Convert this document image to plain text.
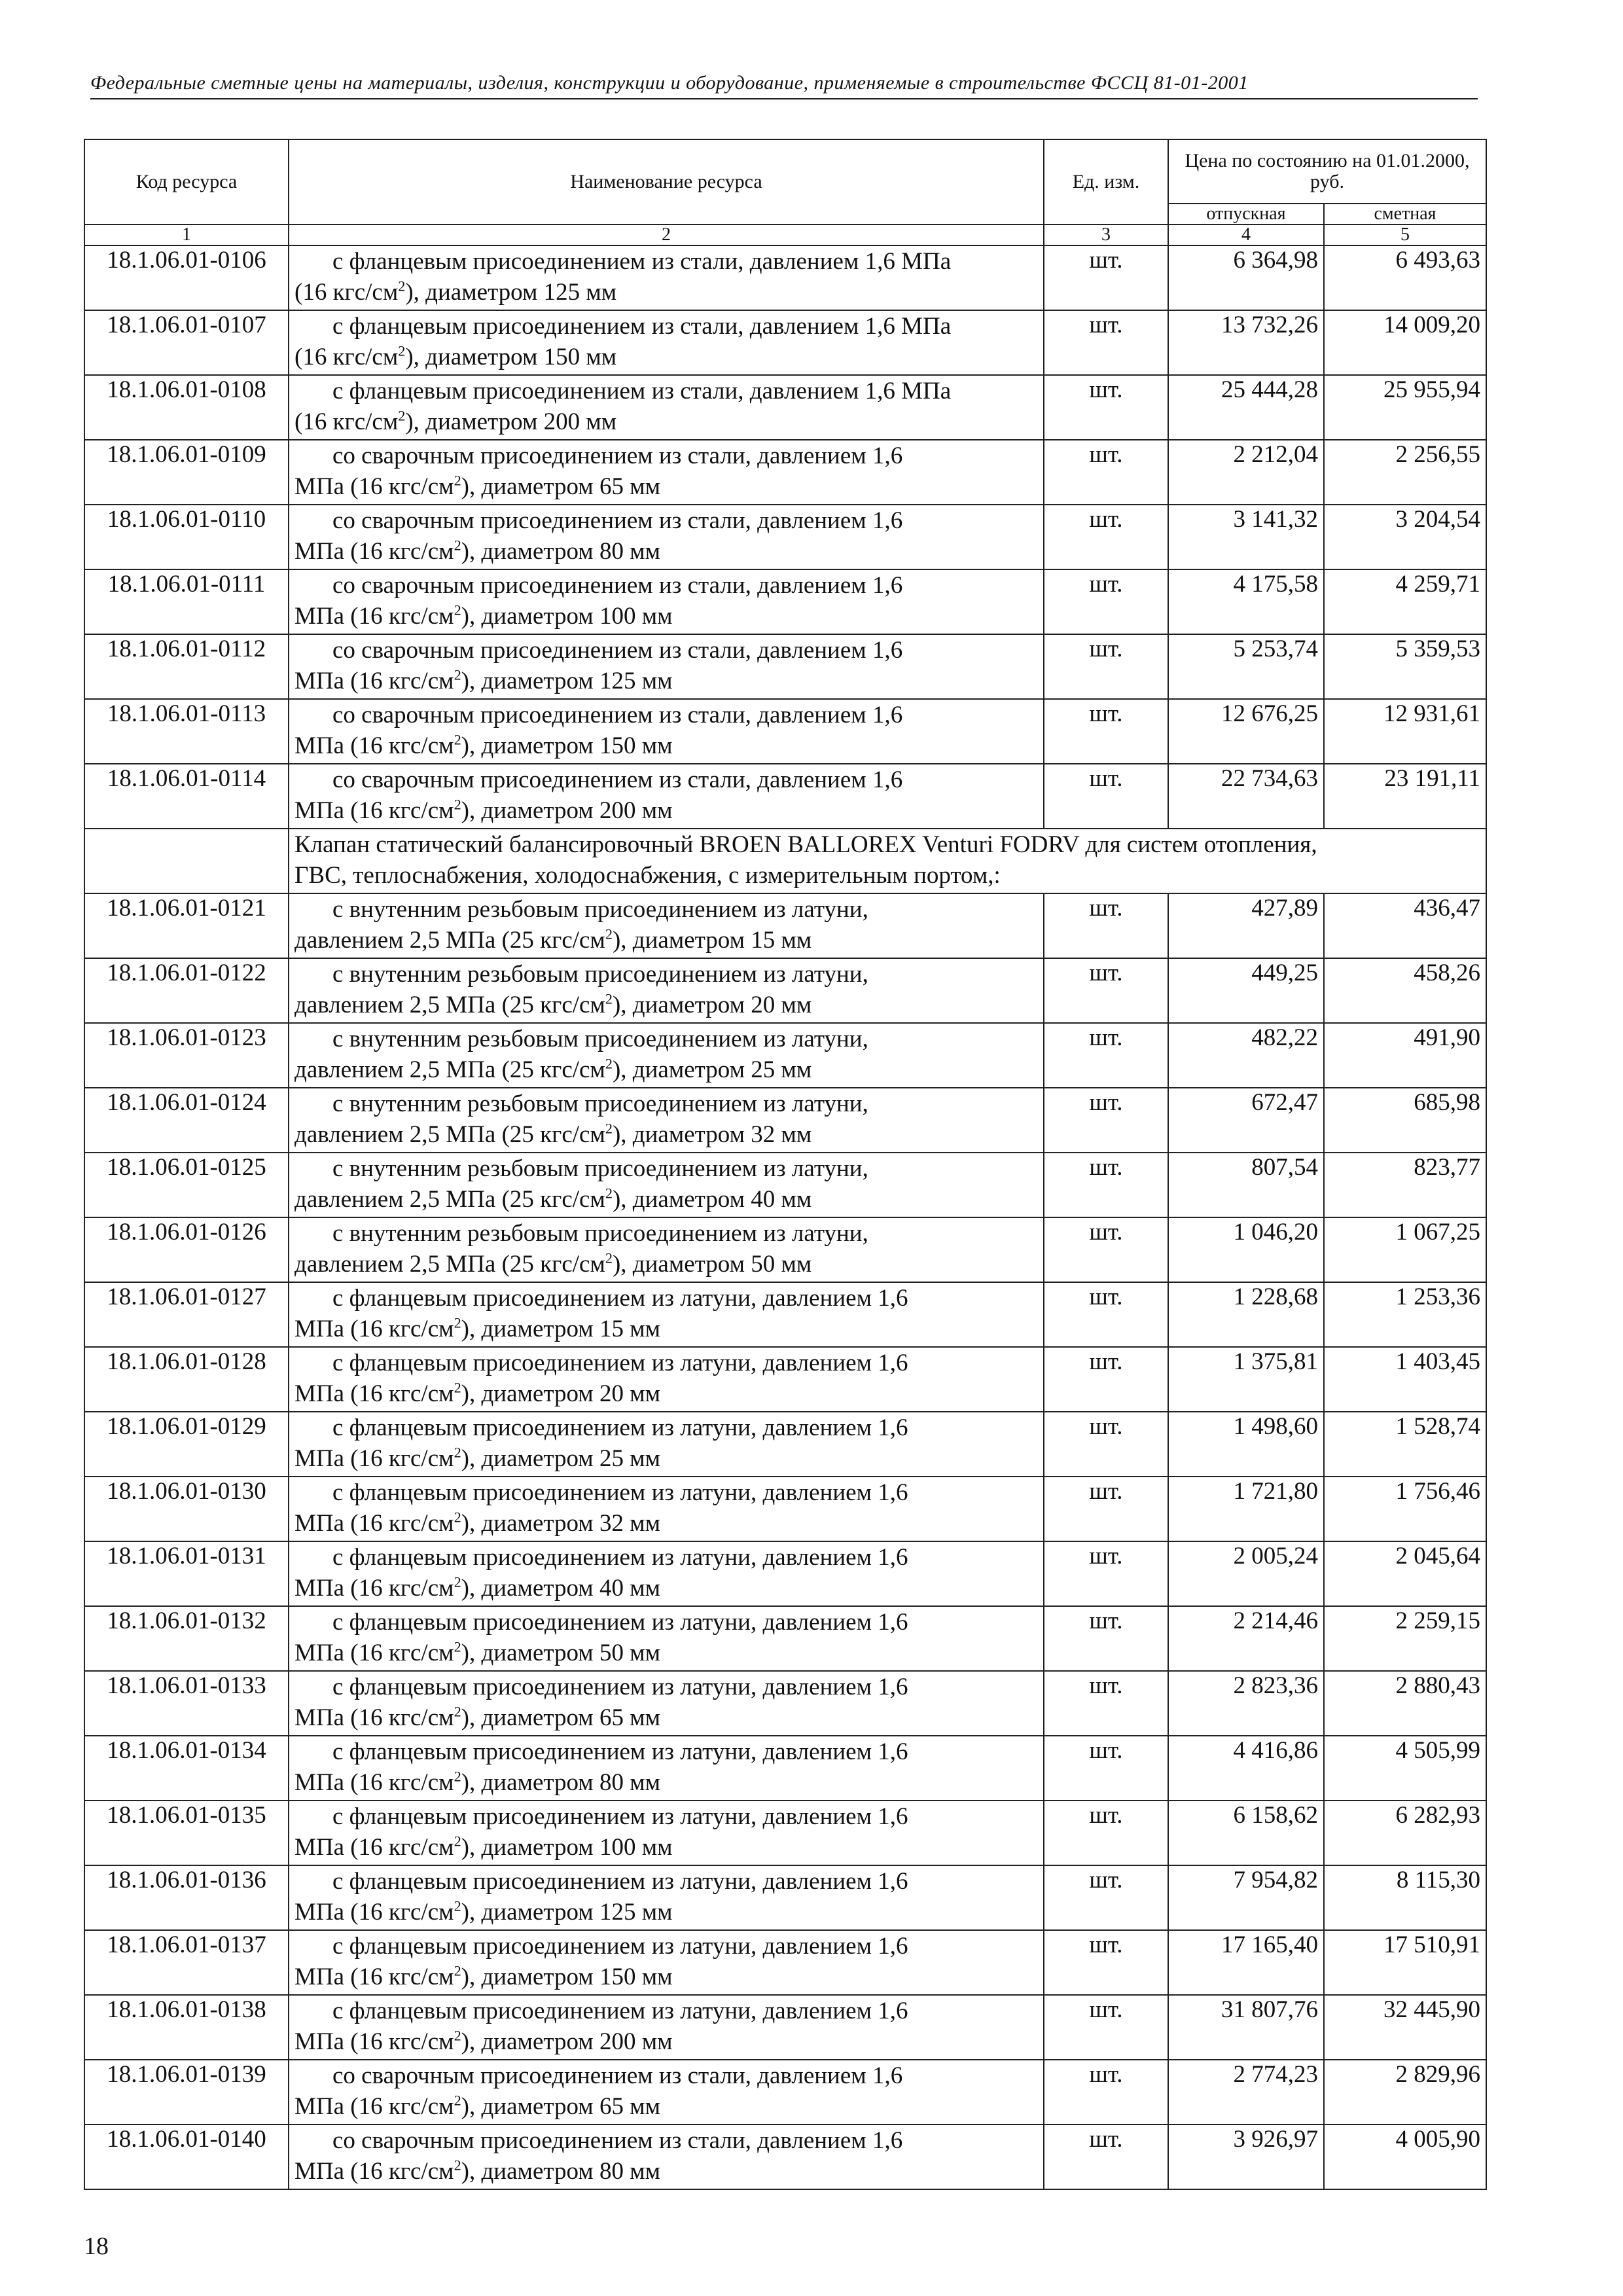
Федеральные сметные цены на материалы, изделия, конструкции и оборудование, применяемые в строительстве ФССЦ 81-01-2001
Код ресурса	Наименование ресурса	Ед. изм.	Цена по состоянию на 01.01.2000, руб.	
			отпускная	сметная
1	2	3	4	5
18.1.06.01-0106	с фланцевым присоединением из стали, давлением 1,6 МПа
(16 кгс/$см^2$), диаметром 125 мм	шт.	6 364,98	6 493,63
18.1.06.01-0107	с фланцевым присоединением из стали, давлением 1,6 МПа
(16 кгс/$см^2$), диаметром 150 мм	шт.	13 732,26	14 009,20
18.1.06.01-0108	с фланцевым присоединением из стали, давлением 1,6 МПа
(16 кгс/$см^2$), диаметром 200 мм	шт.	25 444,28	25 955,94
18.1.06.01-0109	со сварочным присоединением из стали, давлением 1,6
МПа (16 кгс/$см^2$), диаметром 65 мм	шт.	2 212,04	2 256,55
18.1.06.01-0110	со сварочным присоединением из стали, давлением 1,6
МПа (16 кгс/$см^2$), диаметром 80 мм	шт.	3 141,32	3 204,54
18.1.06.01-0111	со сварочным присоединением из стали, давлением 1,6
МПа (16 кгс/$см^2$), диаметром 100 мм	шт.	4 175,58	4 259,71
18.1.06.01-0112	со сварочным присоединением из стали, давлением 1,6
МПа (16 кгс/$см^2$), диаметром 125 мм	шт.	5 253,74	5 359,53
18.1.06.01-0113	со сварочным присоединением из стали, давлением 1,6
МПа (16 кгс/$см^2$), диаметром 150 мм	шт.	12 676,25	12 931,61
18.1.06.01-0114	со сварочным присоединением из стали, давлением 1,6
МПа (16 кгс/$см^2$), диаметром 200 мм	шт.	22 734,63	23 191,11

	Клапан статический балансировочный BROEN BALLOREX Venturi FODRV для систем отопления,
ГВС, теплоснабжения, холодоснабжения, с измерительным портом,:			

18.1.06.01-0121	с внутенним резьбовым присоединением из латуни,
давлением 2,5 МПа (25 кгс/$см^2$), диаметром 15 мм	шт.	427,89	436,47
18.1.06.01-0122	с внутенним резьбовым присоединением из латуни,
давлением 2,5 МПа (25 кгс/$см^2$), диаметром 20 мм	шт.	449,25	458,26
18.1.06.01-0123	с внутенним резьбовым присоединением из латуни,
давлением 2,5 МПа (25 кгс/$см^2$), диаметром 25 мм	шт.	482,22	491,90
18.1.06.01-0124	с внутенним резьбовым присоединением из латуни,
давлением 2,5 МПа (25 кгс/$см^2$), диаметром 32 мм	шт.	672,47	685,98
18.1.06.01-0125	с внутенним резьбовым присоединением из латуни,
давлением 2,5 МПа (25 кгс/$см^2$), диаметром 40 мм	шт.	807,54	823,77
18.1.06.01-0126	с внутенним резьбовым присоединением из латуни,
давлением 2,5 МПа (25 кгс/$см^2$), диаметром 50 мм	шт.	1 046,20	1 067,25
18.1.06.01-0127	с фланцевым присоединением из латуни, давлением 1,6
МПа (16 кгс/$см^2$), диаметром 15 мм	шт.	1 228,68	1 253,36
18.1.06.01-0128	с фланцевым присоединением из латуни, давлением 1,6
МПа (16 кгс/$см^2$), диаметром 20 мм	шт.	1 375,81	1 403,45
18.1.06.01-0129	с фланцевым присоединением из латуни, давлением 1,6
МПа (16 кгс/$см^2$), диаметром 25 мм	шт.	1 498,60	1 528,74
18.1.06.01-0130	с фланцевым присоединением из латуни, давлением 1,6
МПа (16 кгс/$см^2$), диаметром 32 мм	шт.	1 721,80	1 756,46
18.1.06.01-0131	с фланцевым присоединением из латуни, давлением 1,6
МПа (16 кгс/$см^2$), диаметром 40 мм	шт.	2 005,24	2 045,64
18.1.06.01-0132	с фланцевым присоединением из латуни, давлением 1,6
МПа (16 кгс/$см^2$), диаметром 50 мм	шт.	2 214,46	2 259,15
18.1.06.01-0133	с фланцевым присоединением из латуни, давлением 1,6
МПа (16 кгс/$см^2$), диаметром 65 мм	шт.	2 823,36	2 880,43
18.1.06.01-0134	с фланцевым присоединением из латуни, давлением 1,6
МПа (16 кгс/$см^2$), диаметром 80 мм	шт.	4 416,86	4 505,99
18.1.06.01-0135	с фланцевым присоединением из латуни, давлением 1,6
МПа (16 кгс/$см^2$), диаметром 100 мм	шт.	6 158,62	6 282,93
18.1.06.01-0136	с фланцевым присоединением из латуни, давлением 1,6
МПа (16 кгс/$см^2$), диаметром 125 мм	шт.	7 954,82	8 115,30
18.1.06.01-0137	с фланцевым присоединением из латуни, давлением 1,6
МПа (16 кгс/$см^2$), диаметром 150 мм	шт.	17 165,40	17 510,91
18.1.06.01-0138	с фланцевым присоединением из латуни, давлением 1,6
МПа (16 кгс/$см^2$), диаметром 200 мм	шт.	31 807,76	32 445,90
18.1.06.01-0139	со сварочным присоединением из стали, давлением 1,6
МПа (16 кгс/$см^2$), диаметром 65 мм	шт.	2 774,23	2 829,96
18.1.06.01-0140	со сварочным присоединением из стали, давлением 1,6
МПа (16 кгс/$см^2$), диаметром 80 мм	шт.	3 926,97	4 005,90
18
